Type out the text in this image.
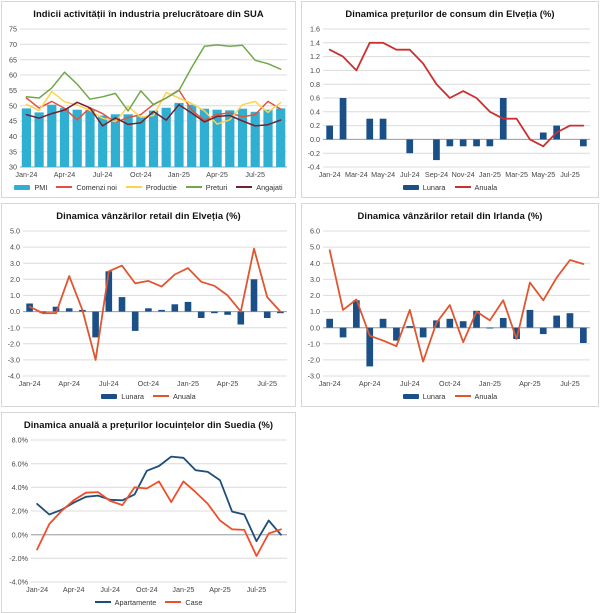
Indicii activității în industria prelucrătoare din SUA
30
35
40
45
50
55
60
65
70
75
Jan-24 Apr-24 Jul-24 Oct-24 Jan-25 Apr-25 Jul-25
PMI	Comenzi noi	Productie	Preturi	Angajati
Dinamica prețurilor de consum din Elveția (%)
-0.4
-0.2
0.0
0.2
0.4
0.6
0.8
1.0
1.2
1.4
1.6
Jan-24 Mar-24 May-24 Jul-24 Sep-24 Nov-24 Jan-25 Mar-25 May-25 Jul-25
Lunara	Anuala
Dinamica vânzărilor retail din Elveția (%)
-4.0
-3.0
-2.0
-1.0
0.0
1.0
2.0
3.0
4.0
5.0
Jan-24 Apr-24	Jul-24	Oct-24 Jan-25 Apr-25	Jul-25
Lunara	Anuala
Dinamica vânzărilor retail din Irlanda (%)
-3.0
-2.0
-1.0
0.0
1.0
2.0
3.0
4.0
5.0
6.0
Jan-24	Apr-24	Jul-24	Oct-24	Jan-25	Apr-25	Jul-25
Lunara	Anuala
Dinamica anuală a prețurilor locuințelor din Suedia (%)
-4.0%
-2.0%
0.0%
2.0%
4.0%
6.0%
8.0%
Jan-24 Apr-24 Jul-24 Oct-24 Jan-25 Apr-25 Jul-25
Apartamente	Case
